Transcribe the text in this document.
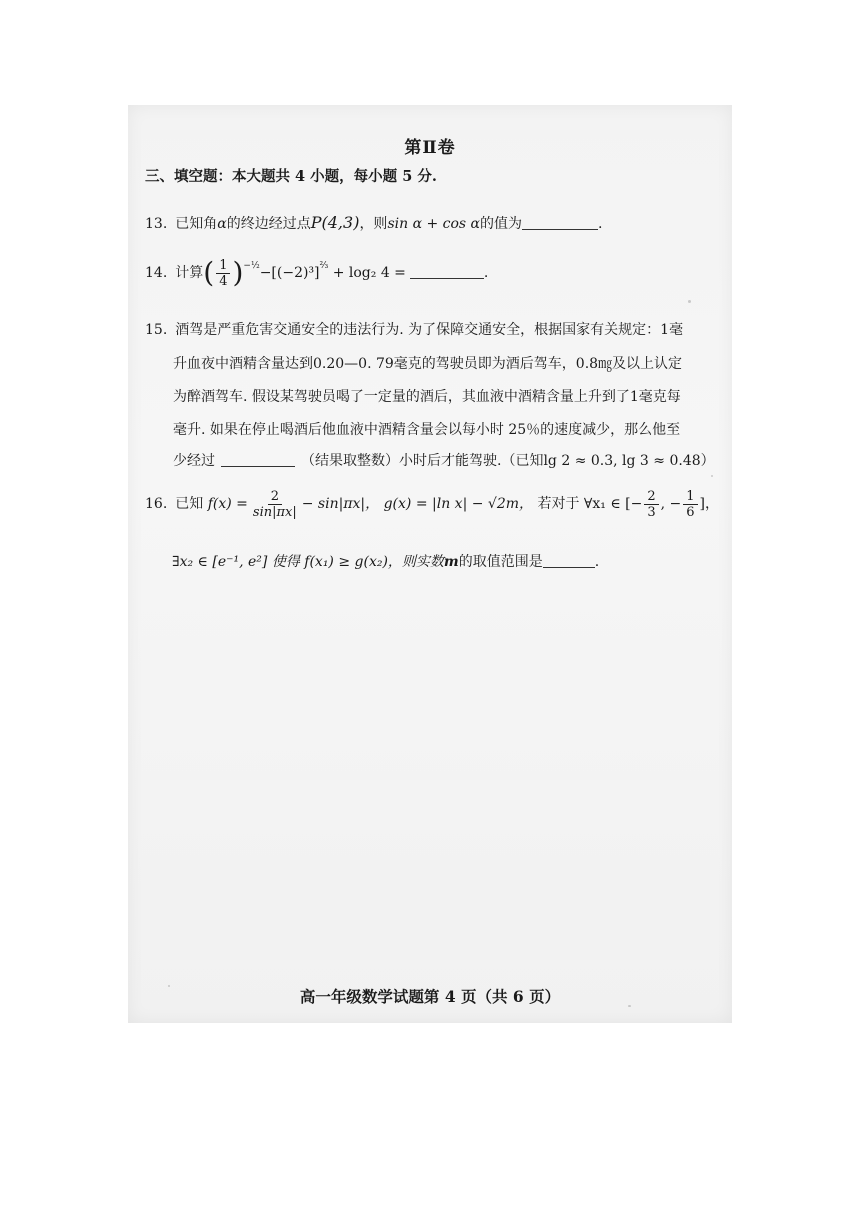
第Ⅱ卷
三、填空题：本大题共 4 小题，每小题 5 分.
13. 已知角α的终边经过点P(4,3)，则sin α + cos α的值为	.
14. 计算( $\frac{1}{4} )^{-\frac{1}{2}}-[(-2)^3]^{\frac{2}{3}} + \log_2$ 4 =	.
15. 酒驾是严重危害交通安全的违法行为. 为了保障交通安全，根据国家有关规定：1毫
升血夜中酒精含量达到0.20—0. 79毫克的驾驶员即为酒后驾车，0.8㎎及以上认定
为醉酒驾车. 假设某驾驶员喝了一定量的酒后，其血液中酒精含量上升到了1毫克每
毫升. 如果在停止喝酒后他血液中酒精含量会以每小时 25％的速度减少，那么他至
少经过	（结果取整数）小时后才能驾驶.（已知lg 2 ≈ 0.3, lg 3 ≈ 0.48）
16. 已知 $f(x) = \frac{2}{\sin|\pi x|} - \sin|\pi x|$， g(x) = |ln x| − √2m， 若对于 ∀x₁ ∈ [− $\frac{2}{3}$ , − $\frac{1}{6}$ ]，
∃x₂ ∈ [e⁻¹, e²] 使得 f(x₁) ≥ g(x₂)，则实数m的取值范围是	.
高一年级数学试题第 4 页（共 6 页）
